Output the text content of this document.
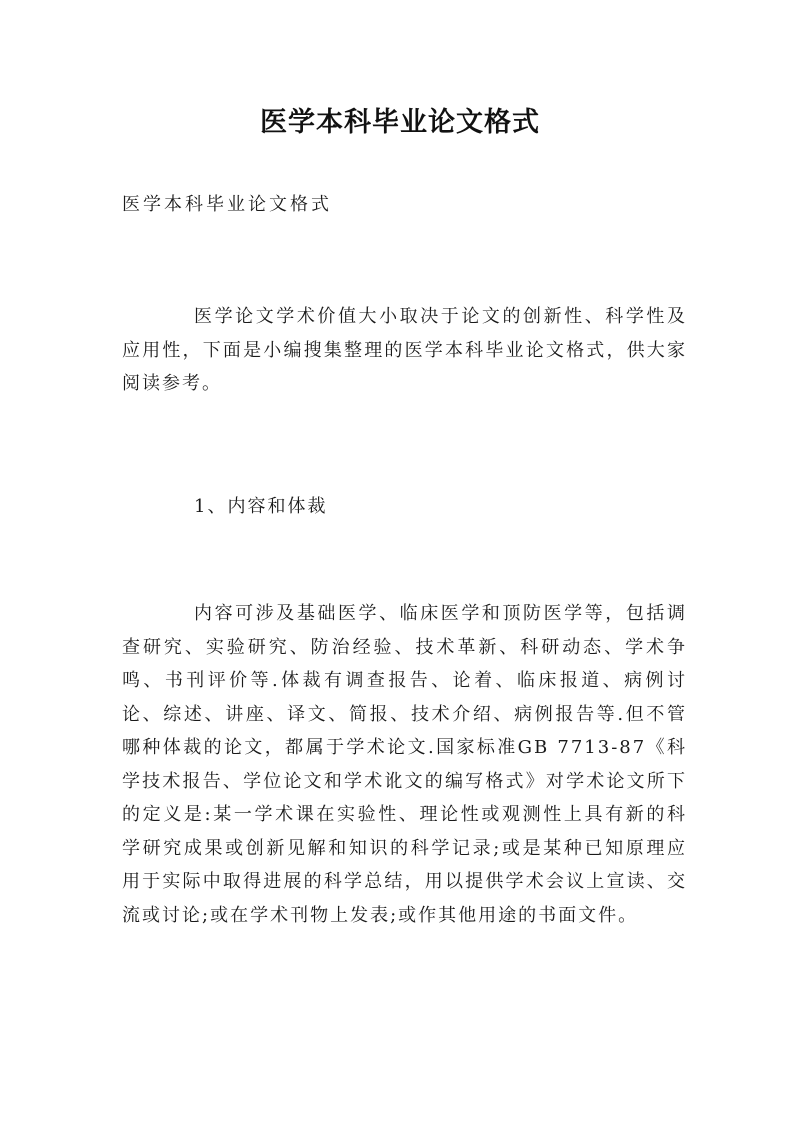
医学本科毕业论文格式
医学本科毕业论文格式

医学论文学术价值大小取决于论文的创新性、科学性及应用性，下面是小编搜集整理的医学本科毕业论文格式，供大家阅读参考。

1、内容和体裁

内容可涉及基础医学、临床医学和顶防医学等，包括调查研究、实验研究、防治经验、技术革新、科研动态、学术争鸣、书刊评价等.体裁有调查报告、论着、临床报道、病例讨论、综述、讲座、译文、简报、技术介绍、病例报告等.但不管哪种体裁的论文，都属于学术论文.国家标准GB 7713-87《科学技术报告、学位论文和学术讹文的编写格式》对学术论文所下的定义是:某一学术课在实验性、理论性或观测性上具有新的科学研究成果或创新见解和知识的科学记录;或是某种已知原理应用于实际中取得进展的科学总结，用以提供学术会议上宣读、交流或讨论;或在学术刊物上发表;或作其他用途的书面文件。
